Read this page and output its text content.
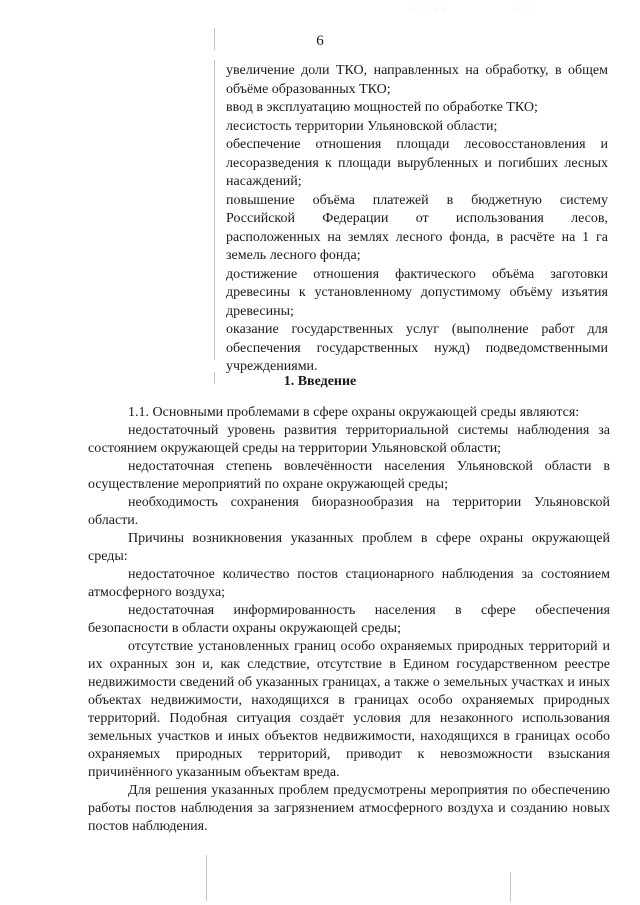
· · · · ·	· · ·
6

увеличение доли ТКО, направленных на обработку, в общем объёме образованных ТКО;

ввод в эксплуатацию мощностей по обработке ТКО;

лесистость территории Ульяновской области;

обеспечение отношения площади лесовосстановления и лесоразведения к площади вырубленных и погибших лесных насаждений;

повышение объёма платежей в бюджетную систему Российской Федерации от использования лесов, расположенных на землях лесного фонда, в расчёте на 1 га земель лесного фонда;

достижение отношения фактического объёма заготовки древесины к установленному допустимому объёму изъятия древесины;

оказание государственных услуг (выполнение работ для обеспечения государственных нужд) подведомственными учреждениями.

1. Введение

1.1. Основными проблемами в сфере охраны окружающей среды являются:

недостаточный уровень развития территориальной системы наблюдения за состоянием окружающей среды на территории Ульяновской области;

недостаточная степень вовлечённости населения Ульяновской области в осуществление мероприятий по охране окружающей среды;

необходимость сохранения биоразнообразия на территории Ульяновской области.

Причины возникновения указанных проблем в сфере охраны окружающей среды:

недостаточное количество постов стационарного наблюдения за состоянием атмосферного воздуха;

недостаточная информированность населения в сфере обеспечения безопасности в области охраны окружающей среды;

отсутствие установленных границ особо охраняемых природных территорий и их охранных зон и, как следствие, отсутствие в Едином государственном реестре недвижимости сведений об указанных границах, а также о земельных участках и иных объектах недвижимости, находящихся в границах особо охраняемых природных территорий. Подобная ситуация создаёт условия для незаконного использования земельных участков и иных объектов недвижимости, находящихся в границах особо охраняемых природных территорий, приводит к невозможности взыскания причинённого указанным объектам вреда.

Для решения указанных проблем предусмотрены мероприятия по обеспечению работы постов наблюдения за загрязнением атмосферного воздуха и созданию новых постов наблюдения.
